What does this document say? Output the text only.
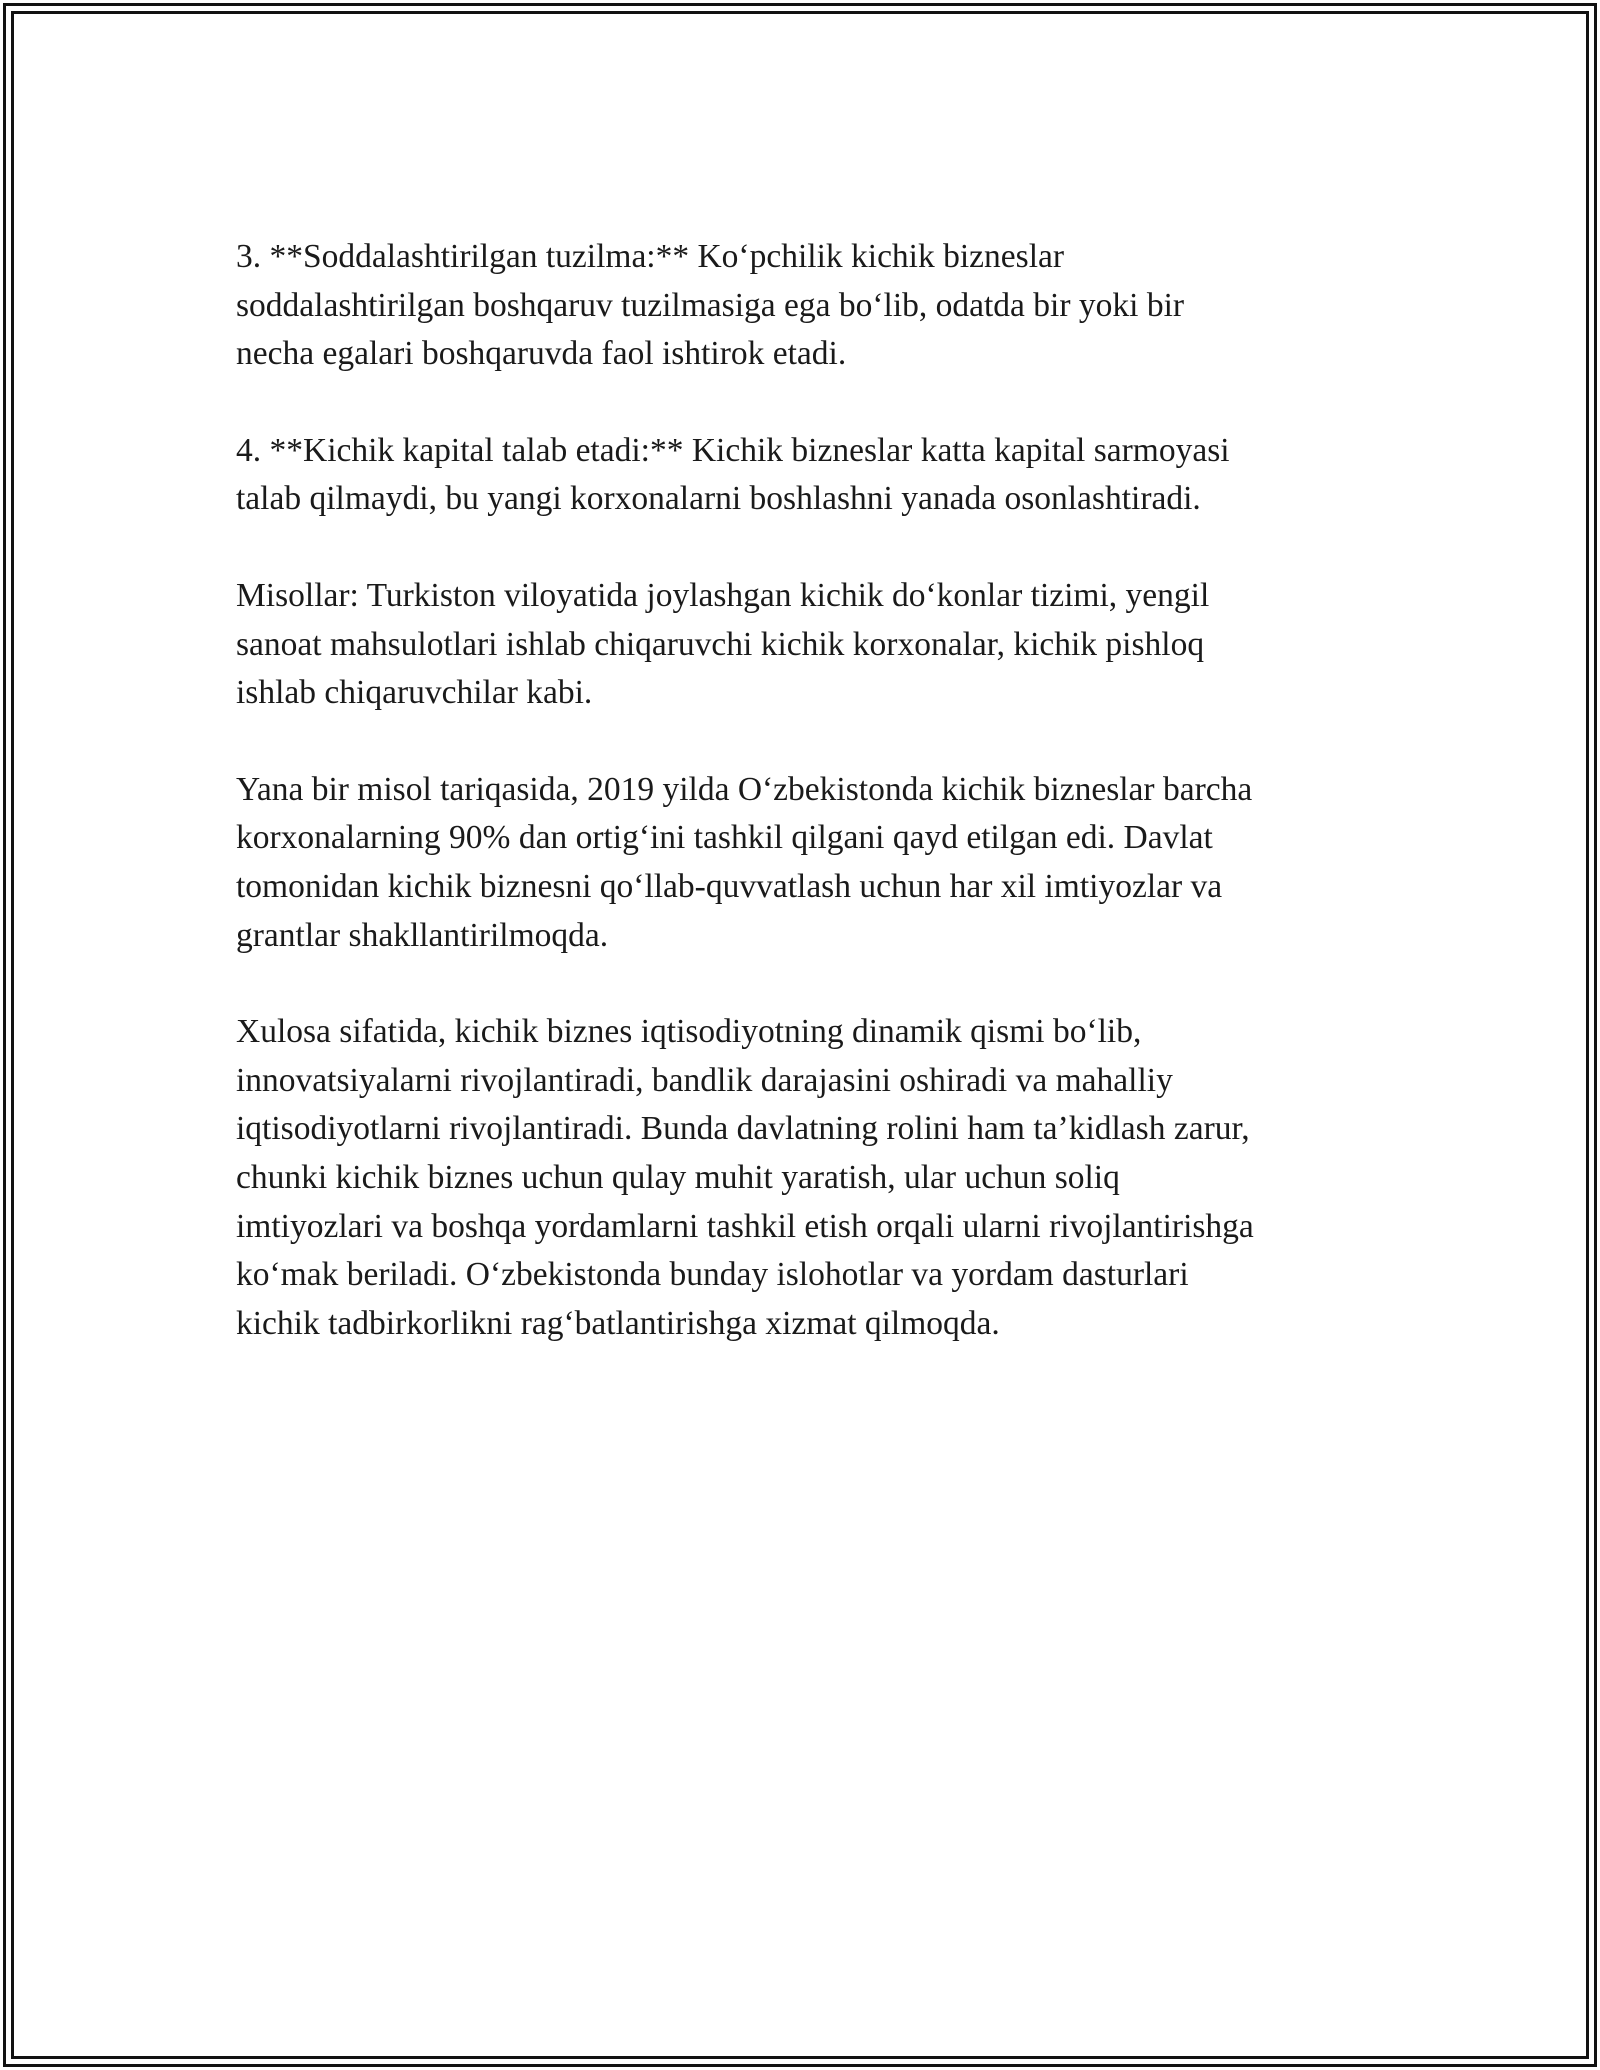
3. **Soddalashtirilgan tuzilma:** Ko‘pchilik kichik bizneslar
soddalashtirilgan boshqaruv tuzilmasiga ega bo‘lib, odatda bir yoki bir
necha egalari boshqaruvda faol ishtirok etadi.

4. **Kichik kapital talab etadi:** Kichik bizneslar katta kapital sarmoyasi
talab qilmaydi, bu yangi korxonalarni boshlashni yanada osonlashtiradi.

Misollar: Turkiston viloyatida joylashgan kichik do‘konlar tizimi, yengil
sanoat mahsulotlari ishlab chiqaruvchi kichik korxonalar, kichik pishloq
ishlab chiqaruvchilar kabi.

Yana bir misol tariqasida, 2019 yilda O‘zbekistonda kichik bizneslar barcha
korxonalarning 90% dan ortig‘ini tashkil qilgani qayd etilgan edi. Davlat
tomonidan kichik biznesni qo‘llab-quvvatlash uchun har xil imtiyozlar va
grantlar shakllantirilmoqda.

Xulosa sifatida, kichik biznes iqtisodiyotning dinamik qismi bo‘lib,
innovatsiyalarni rivojlantiradi, bandlik darajasini oshiradi va mahalliy
iqtisodiyotlarni rivojlantiradi. Bunda davlatning rolini ham ta’kidlash zarur,
chunki kichik biznes uchun qulay muhit yaratish, ular uchun soliq
imtiyozlari va boshqa yordamlarni tashkil etish orqali ularni rivojlantirishga
ko‘mak beriladi. O‘zbekistonda bunday islohotlar va yordam dasturlari
kichik tadbirkorlikni rag‘batlantirishga xizmat qilmoqda.
